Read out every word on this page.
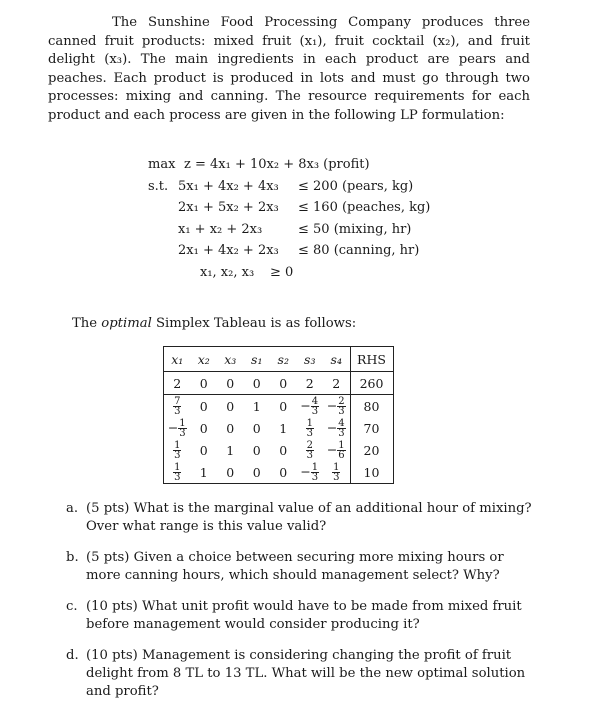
The Sunshine Food Processing Company produces three canned fruit products: mixed fruit (x₁), fruit cocktail (x₂), and fruit delight (x₃). The main ingredients in each product are pears and peaches. Each product is produced in lots and must go through two processes: mixing and canning. The resource requirements for each product and each process are given in the following LP formulation:

max z = 4x₁ + 10x₂ + 8x₃ (profit)
s.t. 5x₁ + 4x₂ + 4x₃ ≤ 200 (pears, kg)
2x₁ + 5x₂ + 2x₃ ≤ 160 (peaches, kg)
x₁ + x₂ + 2x₃	≤ 50 (mixing, hr)
2x₁ + 4x₂ + 2x₃ ≤ 80 (canning, hr)
x₁, x₂, x₃ ≥ 0
The optimal Simplex Tableau is as follows:
x₁	x₂	x₃	s₁	s₂	s₃	s₄	RHS
2	0	0	0	0	2	2	260

$\frac{7}{3}$	0	0	1	0	− $\frac{4}{3}$	− $\frac{2}{3}$	80
− $\frac{1}{3}$	0	0	0	1	$\frac{1}{3}$	− $\frac{4}{3}$	70

$\frac{1}{3}$	0	1	0	0	$\frac{2}{3}$	− $\frac{1}{6}$	20

$\frac{1}{3}$	1	0	0	0	− $\frac{1}{3}$	$\frac{1}{3}$	10
a. (5 pts) What is the marginal value of an additional hour of mixing? Over what range is this value valid?
b. (5 pts) Given a choice between securing more mixing hours or more canning hours, which should management select? Why?
c. (10 pts) What unit profit would have to be made from mixed fruit before management would consider producing it?
d. (10 pts) Management is considering changing the profit of fruit delight from 8 TL to 13 TL. What will be the new optimal solution and profit?
